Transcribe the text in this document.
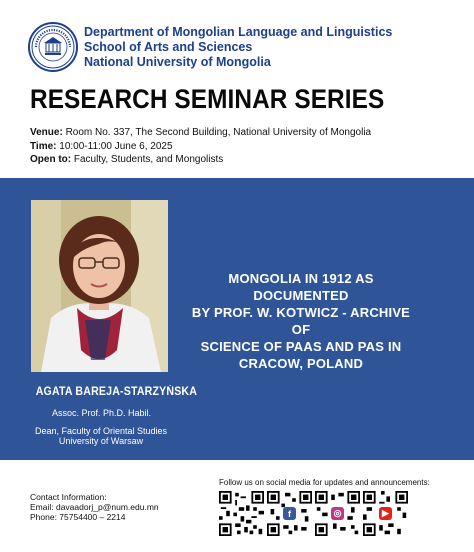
Department of Mongolian Language and Linguistics
School of Arts and Sciences
National University of Mongolia
RESEARCH SEMINAR SERIES
Venue: Room No. 337, The Second Building, National University of Mongolia
Time: 10:00-11:00 June 6, 2025
Open to: Faculty, Students, and Mongolists
AGATA BAREJA-STARZYŃSKA
Assoc. Prof. Ph.D. Habil.
Dean, Faculty of Oriental Studies
University of Warsaw
MONGOLIA IN 1912 AS DOCUMENTED
BY PROF. W. KOTWICZ - ARCHIVE OF
SCIENCE OF PAAS AND PAS IN
CRACOW, POLAND
Contact Information:
Email: davaadorj_p@num.edu.mn
Phone: 75754400 – 2214
Follow us on social media for updates and announcements:
f	◎	▶
